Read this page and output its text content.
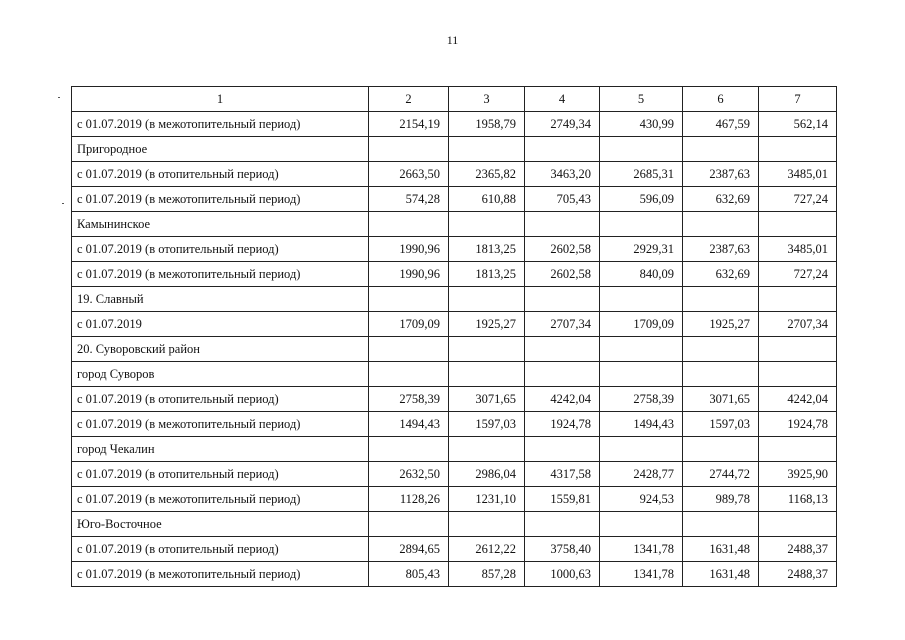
11
1	2	3	4	5	6	7
с 01.07.2019 (в межотопительный период)	2154,19	1958,79	2749,34	430,99	467,59	562,14
Пригородное						
с 01.07.2019 (в отопительный период)	2663,50	2365,82	3463,20	2685,31	2387,63	3485,01
с 01.07.2019 (в межотопительный период)	574,28	610,88	705,43	596,09	632,69	727,24
Камынинское						
с 01.07.2019 (в отопительный период)	1990,96	1813,25	2602,58	2929,31	2387,63	3485,01
с 01.07.2019 (в межотопительный период)	1990,96	1813,25	2602,58	840,09	632,69	727,24
19. Славный						
с 01.07.2019	1709,09	1925,27	2707,34	1709,09	1925,27	2707,34
20. Суворовский район						
город Суворов						
с 01.07.2019 (в отопительный период)	2758,39	3071,65	4242,04	2758,39	3071,65	4242,04
с 01.07.2019 (в межотопительный период)	1494,43	1597,03	1924,78	1494,43	1597,03	1924,78
город Чекалин						
с 01.07.2019 (в отопительный период)	2632,50	2986,04	4317,58	2428,77	2744,72	3925,90
с 01.07.2019 (в межотопительный период)	1128,26	1231,10	1559,81	924,53	989,78	1168,13
Юго-Восточное						
с 01.07.2019 (в отопительный период)	2894,65	2612,22	3758,40	1341,78	1631,48	2488,37
с 01.07.2019 (в межотопительный период)	805,43	857,28	1000,63	1341,78	1631,48	2488,37
